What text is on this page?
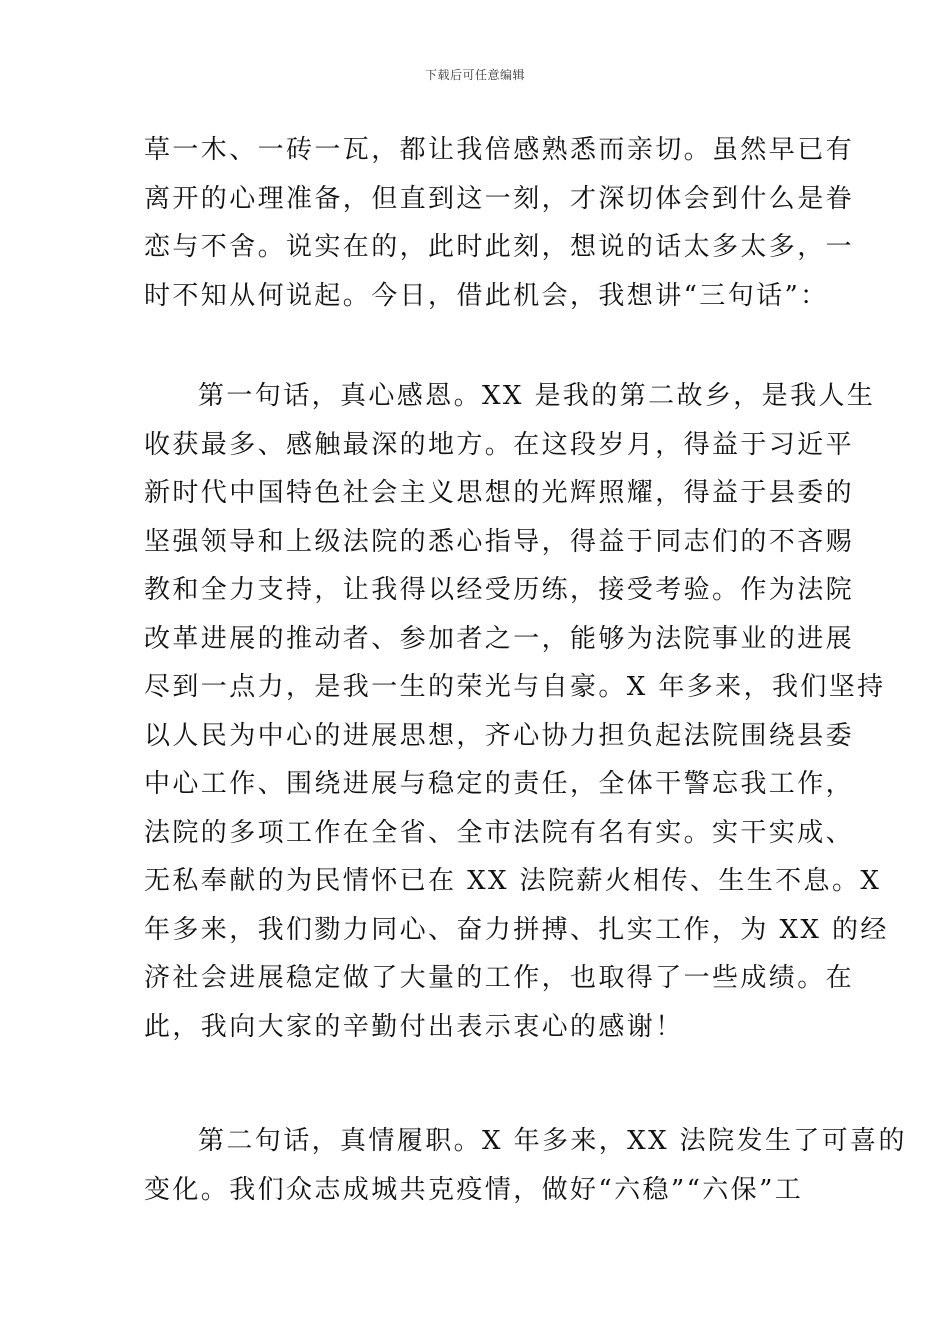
下载后可任意编辑
草一木、一砖一瓦，都让我倍感熟悉而亲切。虽然早已有
离开的心理准备，但直到这一刻，才深切体会到什么是眷
恋与不舍。说实在的，此时此刻，想说的话太多太多，一
时不知从何说起。今日，借此机会，我想讲“三句话”：
第一句话，真心感恩。XX 是我的第二故乡，是我人生
收获最多、感触最深的地方。在这段岁月，得益于习近平
新时代中国特色社会主义思想的光辉照耀，得益于县委的
坚强领导和上级法院的悉心指导，得益于同志们的不吝赐
教和全力支持，让我得以经受历练，接受考验。作为法院
改革进展的推动者、参加者之一，能够为法院事业的进展
尽到一点力，是我一生的荣光与自豪。X 年多来，我们坚持
以人民为中心的进展思想，齐心协力担负起法院围绕县委
中心工作、围绕进展与稳定的责任，全体干警忘我工作，
法院的多项工作在全省、全市法院有名有实。实干实成、
无私奉献的为民情怀已在 XX 法院薪火相传、生生不息。X
年多来，我们勠力同心、奋力拼搏、扎实工作，为 XX 的经
济社会进展稳定做了大量的工作，也取得了一些成绩。在
此，我向大家的辛勤付出表示衷心的感谢！
第二句话，真情履职。X 年多来，XX 法院发生了可喜的
变化。我们众志成城共克疫情，做好“六稳”“六保”工
